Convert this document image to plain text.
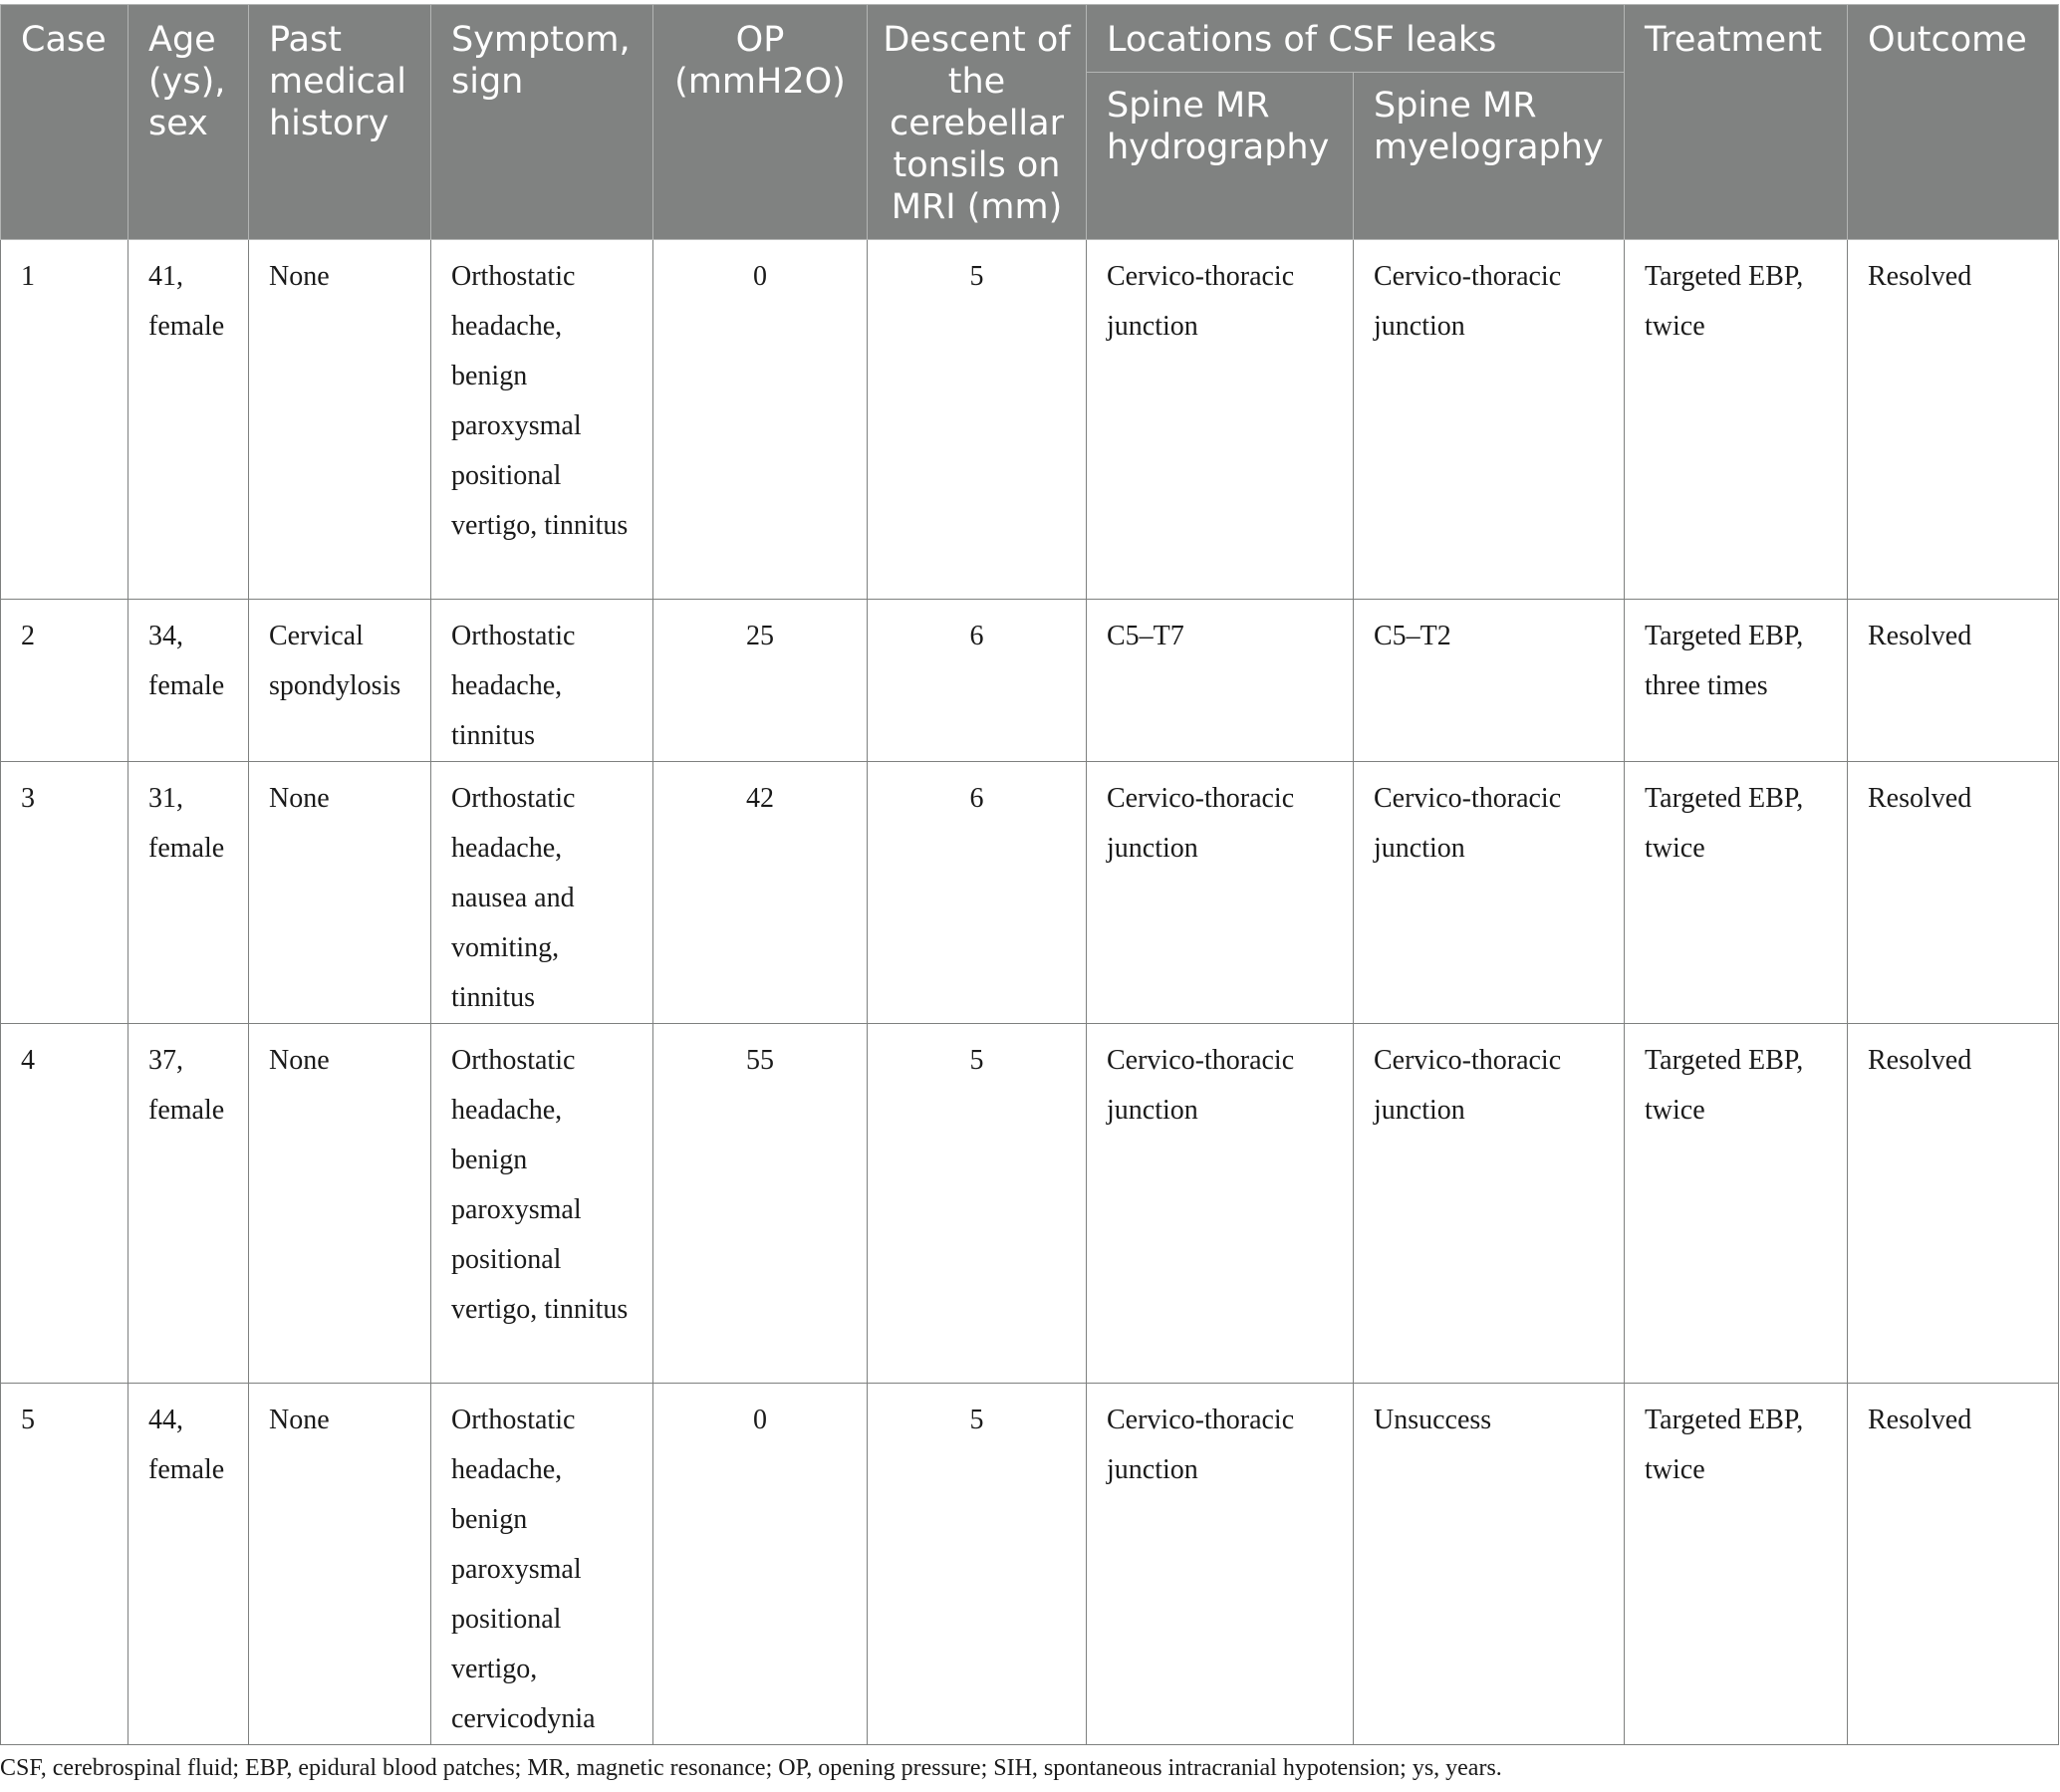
Case	Age (ys), sex	Past medical history	Symptom, sign	OP (mmH2O)	Descent of the cerebellar tonsils on MRI (mm)	Locations of CSF leaks		Treatment	Outcome
						Spine MR hydrography	Spine MR myelography		
1	41, female	None	Orthostatic headache, benign paroxysmal positional vertigo, tinnitus	0	5	Cervico-thoracic junction	Cervico-thoracic junction	Targeted EBP, twice	Resolved
2	34, female	Cervical spondylosis	Orthostatic headache, tinnitus	25	6	C5–T7	C5–T2	Targeted EBP, three times	Resolved
3	31, female	None	Orthostatic headache, nausea and vomiting, tinnitus	42	6	Cervico-thoracic junction	Cervico-thoracic junction	Targeted EBP, twice	Resolved
4	37, female	None	Orthostatic headache, benign paroxysmal positional vertigo, tinnitus	55	5	Cervico-thoracic junction	Cervico-thoracic junction	Targeted EBP, twice	Resolved
5	44, female	None	Orthostatic headache, benign paroxysmal positional vertigo, cervicodynia	0	5	Cervico-thoracic junction	Unsuccess	Targeted EBP, twice	Resolved
CSF, cerebrospinal fluid; EBP, epidural blood patches; MR, magnetic resonance; OP, opening pressure; SIH, spontaneous intracranial hypotension; ys, years.
